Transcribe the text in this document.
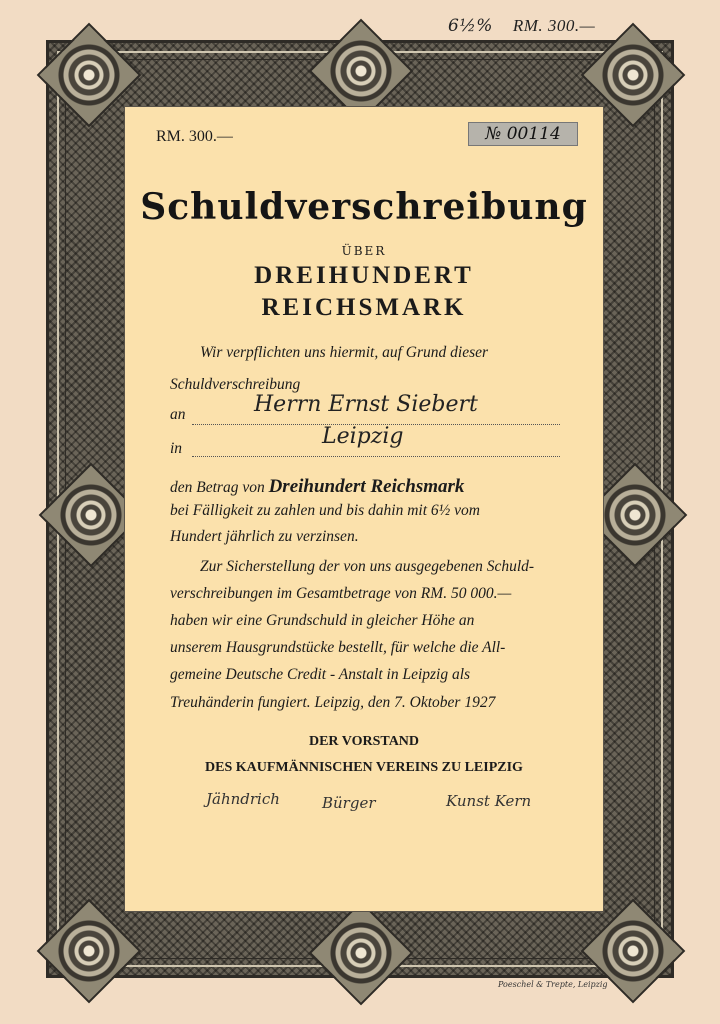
6½% RM. 300.—
RM. 300.—	№ 00114
Schuldverschreibung
ÜBER
DREIHUNDERT
REICHSMARK
Wir verpflichten uns hiermit, auf Grund dieser
Schuldverschreibung
an	Herrn Ernst Siebert
in	Leipzig
den Betrag von Dreihundert Reichsmark
bei Fälligkeit zu zahlen und bis dahin mit 6½ vom
Hundert jährlich zu verzinsen.
Zur Sicherstellung der von uns ausgegebenen Schuld-
verschreibungen im Gesamtbetrage von RM. 50 000.—
haben wir eine Grundschuld in gleicher Höhe an
unserem Hausgrundstücke bestellt, für welche die All-
gemeine Deutsche Credit - Anstalt in Leipzig als
Treuhänderin fungiert. Leipzig, den 7. Oktober 1927
DER VORSTAND
DES KAUFMÄNNISCHEN VEREINS ZU LEIPZIG
Jähndrich	Bürger	Kunst Kern
Poeschel & Trepte, Leipzig
